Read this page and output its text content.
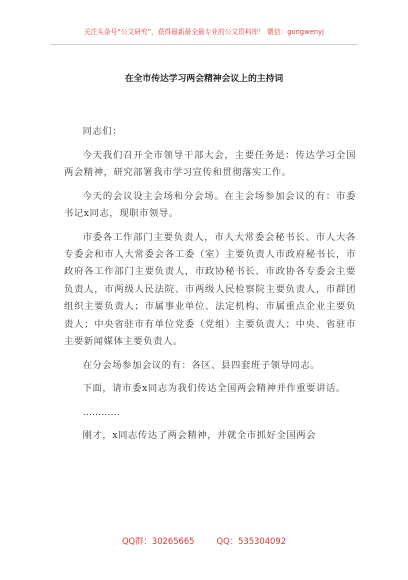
关注头条号“公文研究”，获得最新最全最专业的公文资料库！ 微信：gongwenyj
在全市传达学习两会精神会议上的主持词

同志们：

今天我们召开全市领导干部大会，主要任务是：传达学习全国两会精神，研究部署我市学习宣传和贯彻落实工作。

今天的会议设主会场和分会场。在主会场参加会议的有：市委书记x同志，现职市领导。

市委各工作部门主要负责人，市人大常委会秘书长、市人大各专委会和市人大常委会各工委（室）主要负责人市政府秘书长，市政府各工作部门主要负责人，市政协秘书长、市政协各专委会主要负责人，市两级人民法院、市两级人民检察院主要负责人，市群团组织主要负责人；市属事业单位、法定机构、市属重点企业主要负责人；中央省驻市有单位党委（党组）主要负责人；中央、省驻市主要新闻媒体主要负责人。

在分会场参加会议的有：各区、县四套班子领导同志。

下面，请市委x同志为我们传达全国两会精神并作重要讲话。

…………

刚才，x同志传达了两会精神，并就全市抓好全国两会

QQ群：30265665	QQ：535304092
